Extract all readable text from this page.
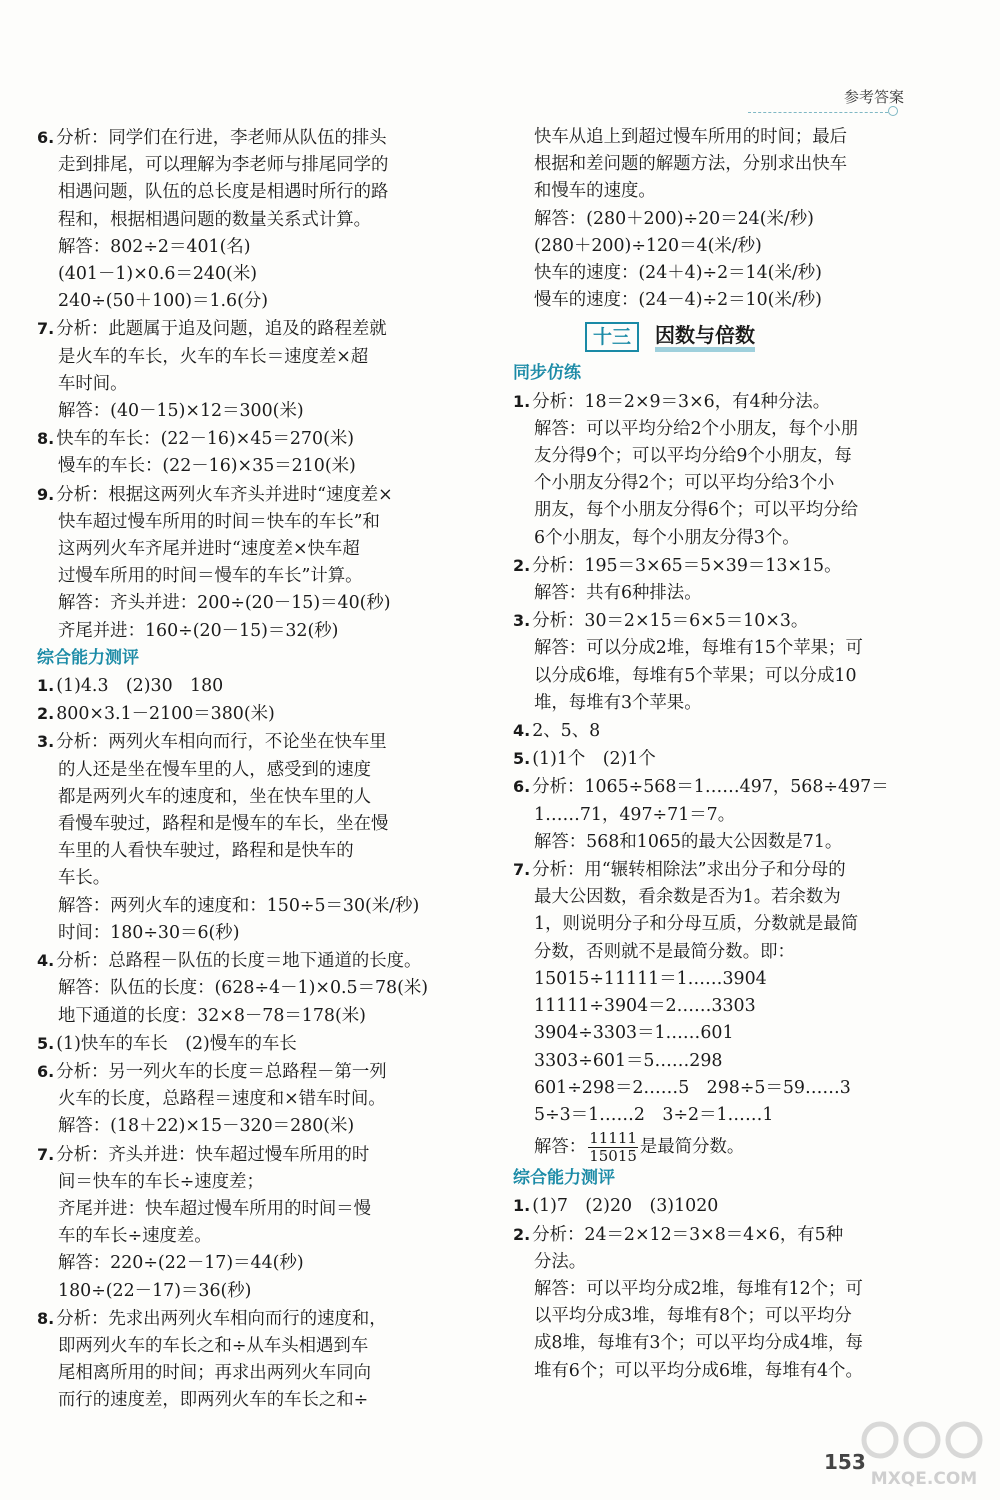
参考答案
6. 分析：同学们在行进，李老师从队伍的排头
走到排尾，可以理解为李老师与排尾同学的
相遇问题，队伍的总长度是相遇时所行的路
程和，根据相遇问题的数量关系式计算。
解答：802÷2＝401(名)
(401－1)×0.6＝240(米)
240÷(50＋100)＝1.6(分)
7. 分析：此题属于追及问题，追及的路程差就
是火车的车长，火车的车长＝速度差×超
车时间。
解答：(40－15)×12＝300(米)
8. 快车的车长：(22－16)×45＝270(米)
慢车的车长：(22－16)×35＝210(米)
9. 分析：根据这两列火车齐头并进时“速度差×
快车超过慢车所用的时间＝快车的车长”和
这两列火车齐尾并进时“速度差×快车超
过慢车所用的时间＝慢车的车长”计算。
解答：齐头并进：200÷(20－15)＝40(秒)
齐尾并进：160÷(20－15)＝32(秒)
综合能力测评
1. (1)4.3　(2)30　180
2. 800×3.1－2100＝380(米)
3. 分析：两列火车相向而行，不论坐在快车里
的人还是坐在慢车里的人，感受到的速度
都是两列火车的速度和，坐在快车里的人
看慢车驶过，路程和是慢车的车长，坐在慢
车里的人看快车驶过，路程和是快车的
车长。
解答：两列火车的速度和：150÷5＝30(米/秒)
时间：180÷30＝6(秒)
4. 分析：总路程－队伍的长度＝地下通道的长度。
解答：队伍的长度：(628÷4－1)×0.5＝78(米)
地下通道的长度：32×8－78＝178(米)
5. (1)快车的车长　(2)慢车的车长
6. 分析：另一列火车的长度＝总路程－第一列
火车的长度，总路程＝速度和×错车时间。
解答：(18＋22)×15－320＝280(米)
7. 分析：齐头并进：快车超过慢车所用的时
间＝快车的车长÷速度差；
齐尾并进：快车超过慢车所用的时间＝慢
车的车长÷速度差。
解答：220÷(22－17)＝44(秒)
180÷(22－17)＝36(秒)
8. 分析：先求出两列火车相向而行的速度和，
即两列火车的车长之和÷从车头相遇到车
尾相离所用的时间；再求出两列火车同向
而行的速度差，即两列火车的车长之和÷
快车从追上到超过慢车所用的时间；最后
根据和差问题的解题方法，分别求出快车
和慢车的速度。
解答：(280＋200)÷20＝24(米/秒)
(280＋200)÷120＝4(米/秒)
快车的速度：(24＋4)÷2＝14(米/秒)
慢车的速度：(24－4)÷2＝10(米/秒)
十三	因数与倍数
同步仿练
1. 分析：18＝2×9＝3×6，有4种分法。
解答：可以平均分给2个小朋友，每个小朋
友分得9个；可以平均分给9个小朋友，每
个小朋友分得2个；可以平均分给3个小
朋友，每个小朋友分得6个；可以平均分给
6个小朋友，每个小朋友分得3个。
2. 分析：195＝3×65＝5×39＝13×15。
解答：共有6种排法。
3. 分析：30＝2×15＝6×5＝10×3。
解答：可以分成2堆，每堆有15个苹果；可
以分成6堆，每堆有5个苹果；可以分成10
堆，每堆有3个苹果。
4. 2、5、8
5. (1)1个　(2)1个
6. 分析：1065÷568＝1……497，568÷497＝
1……71，497÷71＝7。
解答：568和1065的最大公因数是71。
7. 分析：用“辗转相除法”求出分子和分母的
最大公因数，看余数是否为1。若余数为
1，则说明分子和分母互质，分数就是最简
分数，否则就不是最简分数。即：
15015÷11111＝1……3904
11111÷3904＝2……3303
3904÷3303＝1……601
3303÷601＝5……298
601÷298＝2……5　298÷5＝59……3
5÷3＝1……2　3÷2＝1……1
解答： $\frac{11111}{15015}$ 是最简分数。
综合能力测评
1. (1)7　(2)20　(3)1020
2. 分析：24＝2×12＝3×8＝4×6，有5种
分法。
解答：可以平均分成2堆，每堆有12个；可
以平均分成3堆，每堆有8个；可以平均分
成8堆，每堆有3个；可以平均分成4堆，每
堆有6个；可以平均分成6堆，每堆有4个。
153
MXQE.COM
